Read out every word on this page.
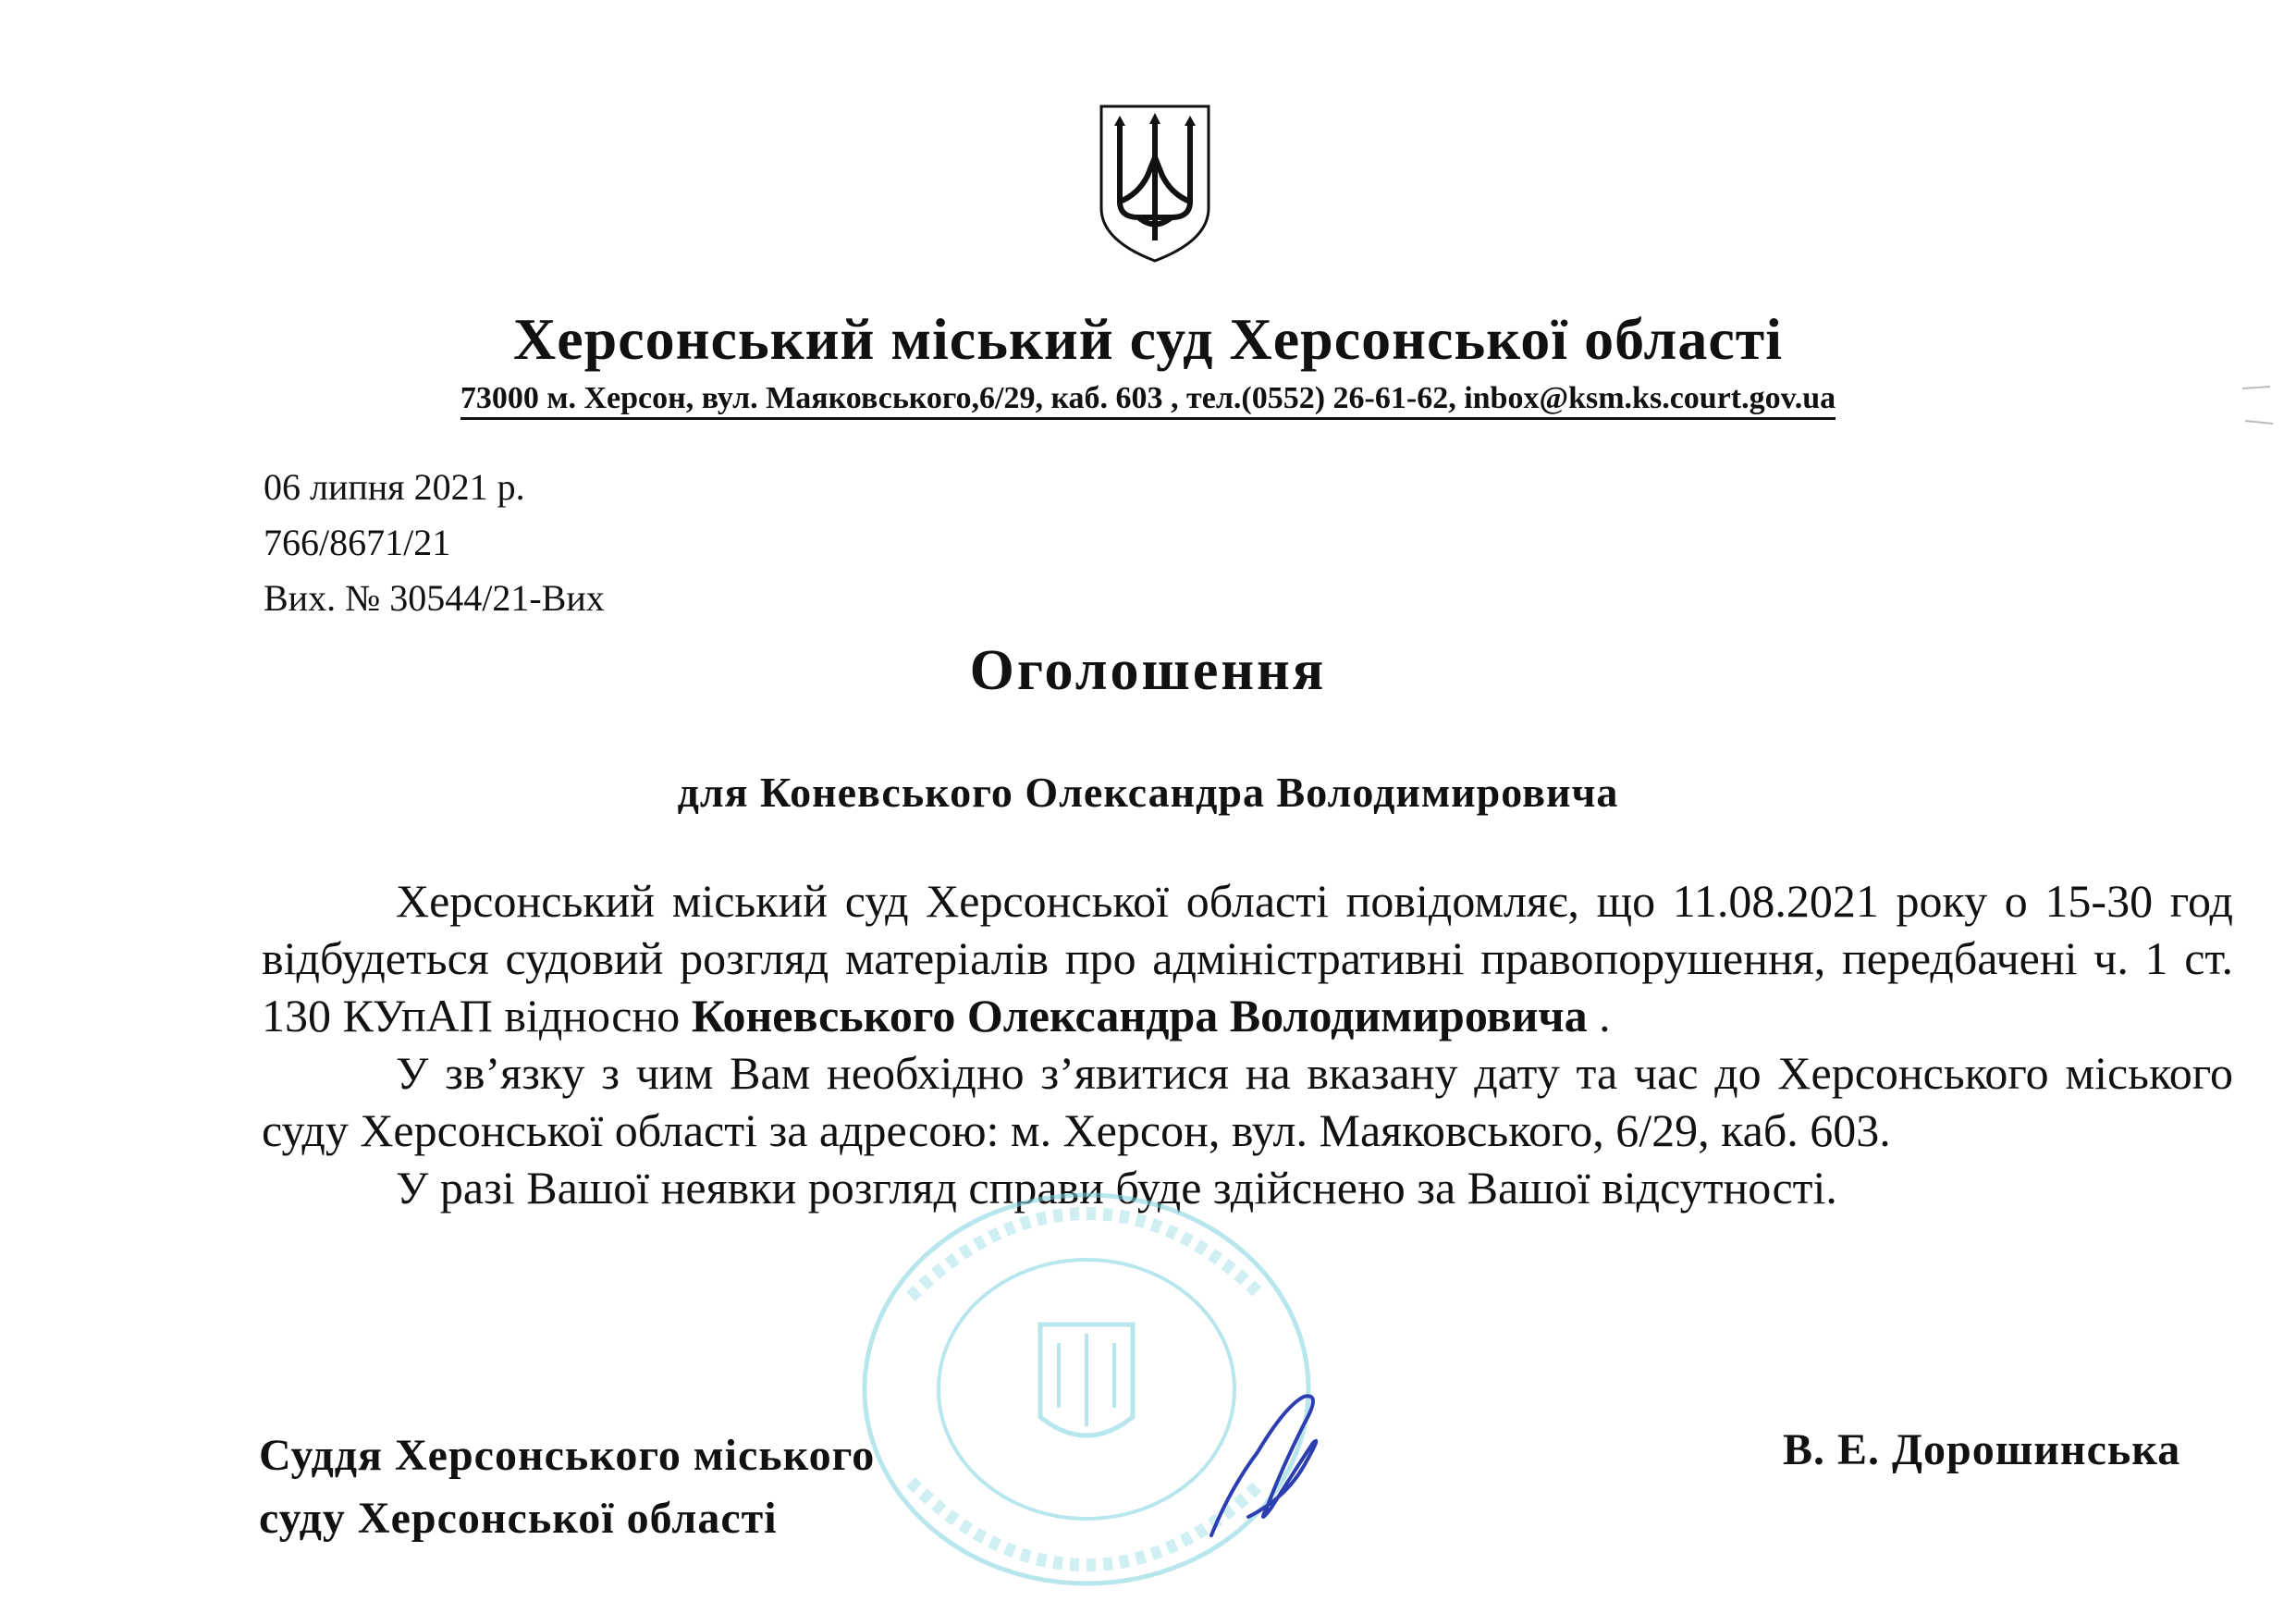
Херсонський міський суд Херсонської області
73000 м. Херсон, вул. Маяковського,6/29, каб. 603 , тел.(0552) 26-61-62, inbox@ksm.ks.court.gov.ua
06 липня 2021 р.
766/8671/21
Вих. № 30544/21-Вих
Оголошення
для Коневського Олександра Володимировича

Херсонський міський суд Херсонської області повідомляє, що 11.08.2021 року о 15-30 год відбудеться судовий розгляд матеріалів про адміністративні правопорушення, передбачені ч. 1 ст. 130 КУпАП відносно Коневського Олександра Володимировича .

У зв’язку з чим Вам необхідно з’явитися на вказану дату та час до Херсонського міського суду Херсонської області за адресою: м. Херсон, вул. Маяковського, 6/29, каб. 603.

У разі Вашої неявки розгляд справи буде здійснено за Вашої відсутності.

Суддя Херсонського міського
суду Херсонської області
В. Е. Дорошинська
